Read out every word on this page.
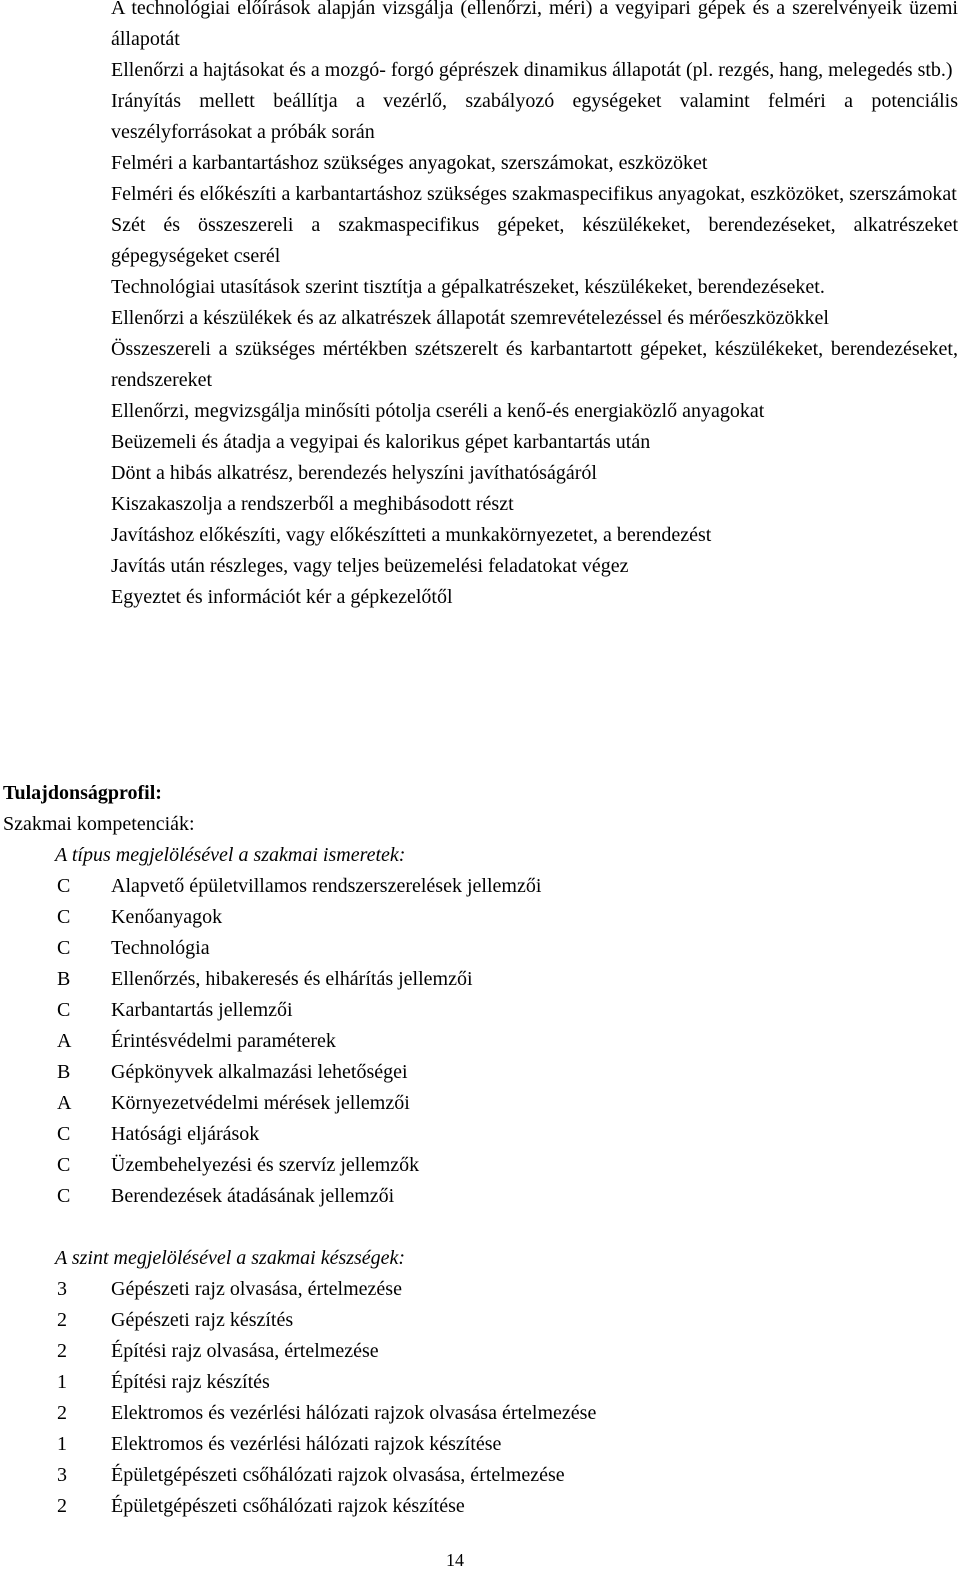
A technológiai előírások alapján vizsgálja (ellenőrzi, méri) a vegyipari gépek és a szerelvényeik üzemi állapotát

Ellenőrzi a hajtásokat és a mozgó- forgó géprészek dinamikus állapotát (pl. rezgés, hang, melegedés stb.)

Irányítás mellett beállítja a vezérlő, szabályozó egységeket valamint felméri a potenciális veszélyforrásokat a próbák során

Felméri a karbantartáshoz szükséges anyagokat, szerszámokat, eszközöket

Felméri és előkészíti a karbantartáshoz szükséges szakmaspecifikus anyagokat, eszközöket, szerszámokat

Szét és összeszereli a szakmaspecifikus gépeket, készülékeket, berendezéseket, alkatrészeket gépegységeket cserél

Technológiai utasítások szerint tisztítja a gépalkatrészeket, készülékeket, berendezéseket.

Ellenőrzi a készülékek és az alkatrészek állapotát szemrevételezéssel és mérőeszközökkel

Összeszereli a szükséges mértékben szétszerelt és karbantartott gépeket, készülékeket, berendezéseket, rendszereket

Ellenőrzi, megvizsgálja minősíti pótolja cseréli a kenő-és energiaközlő anyagokat

Beüzemeli és átadja a vegyipai és kalorikus gépet karbantartás után

Dönt a hibás alkatrész, berendezés helyszíni javíthatóságáról

Kiszakaszolja a rendszerből a meghibásodott részt

Javításhoz előkészíti, vagy előkészítteti a munkakörnyezetet, a berendezést

Javítás után részleges, vagy teljes beüzemelési feladatokat végez

Egyeztet és információt kér a gépkezelőtől

Tulajdonságprofil:
Szakmai kompetenciák:
A típus megjelölésével a szakmai ismeretek:
C	Alapvető épületvillamos rendszerszerelések jellemzői
C	Kenőanyagok
C	Technológia
B	Ellenőrzés, hibakeresés és elhárítás jellemzői
C	Karbantartás jellemzői
A	Érintésvédelmi paraméterek
B	Gépkönyvek alkalmazási lehetőségei
A	Környezetvédelmi mérések jellemzői
C	Hatósági eljárások
C	Üzembehelyezési és szervíz jellemzők
C	Berendezések átadásának jellemzői
A szint megjelölésével a szakmai készségek:
3	Gépészeti rajz olvasása, értelmezése
2	Gépészeti rajz készítés
2	Építési rajz olvasása, értelmezése
1	Építési rajz készítés
2	Elektromos és vezérlési hálózati rajzok olvasása értelmezése
1	Elektromos és vezérlési hálózati rajzok készítése
3	Épületgépészeti csőhálózati rajzok olvasása, értelmezése
2	Épületgépészeti csőhálózati rajzok készítése
14
